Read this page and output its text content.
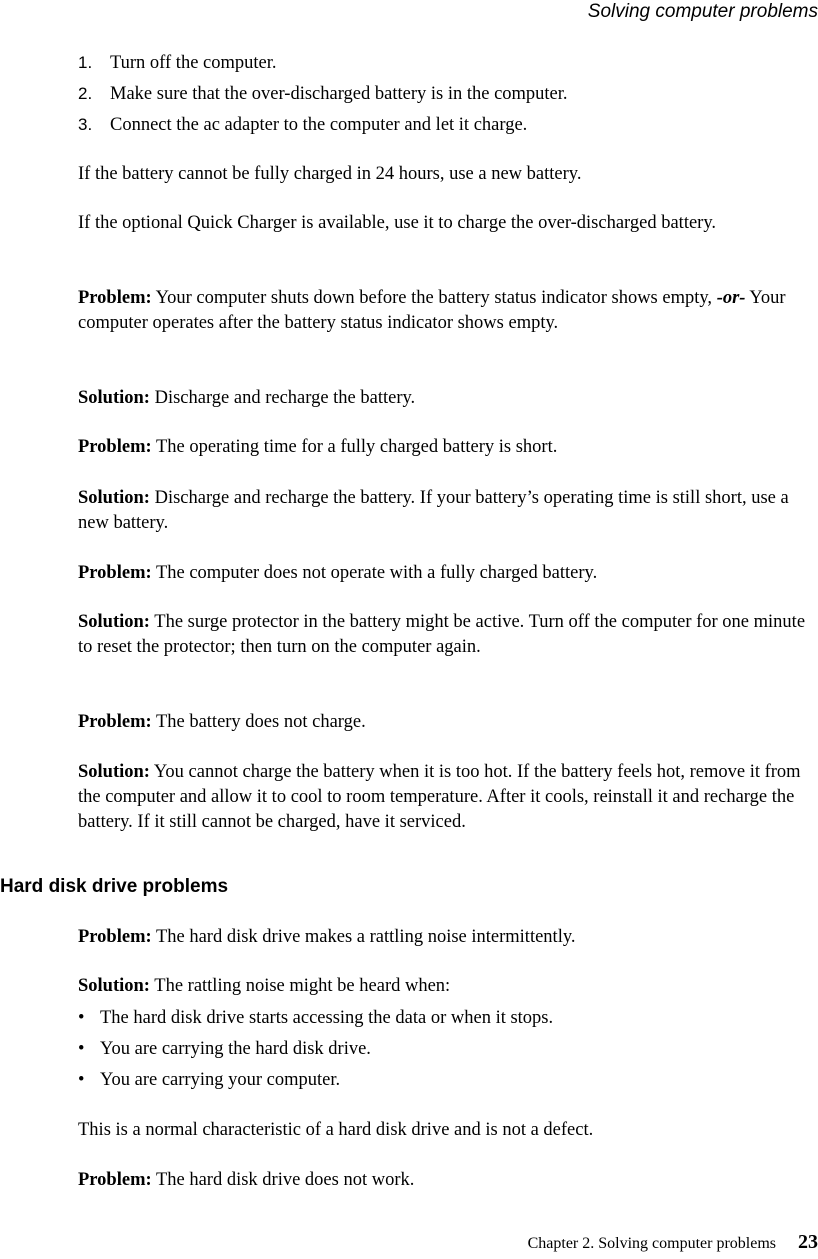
Solving computer problems
1. Turn off the computer.
2. Make sure that the over-discharged battery is in the computer.
3. Connect the ac adapter to the computer and let it charge.
If the battery cannot be fully charged in 24 hours, use a new battery.
If the optional Quick Charger is available, use it to charge the over-discharged battery.
Problem: Your computer shuts down before the battery status indicator shows empty, -or- Your computer operates after the battery status indicator shows empty.
Solution: Discharge and recharge the battery.
Problem: The operating time for a fully charged battery is short.
Solution: Discharge and recharge the battery. If your battery’s operating time is still short, use a new battery.
Problem: The computer does not operate with a fully charged battery.
Solution: The surge protector in the battery might be active. Turn off the computer for one minute to reset the protector; then turn on the computer again.
Problem: The battery does not charge.
Solution: You cannot charge the battery when it is too hot. If the battery feels hot, remove it from the computer and allow it to cool to room temperature. After it cools, reinstall it and recharge the battery. If it still cannot be charged, have it serviced.
Hard disk drive problems
Problem: The hard disk drive makes a rattling noise intermittently.
Solution: The rattling noise might be heard when:
• The hard disk drive starts accessing the data or when it stops.
• You are carrying the hard disk drive.
• You are carrying your computer.
This is a normal characteristic of a hard disk drive and is not a defect.
Problem: The hard disk drive does not work.
Chapter 2. Solving computer problems 23
